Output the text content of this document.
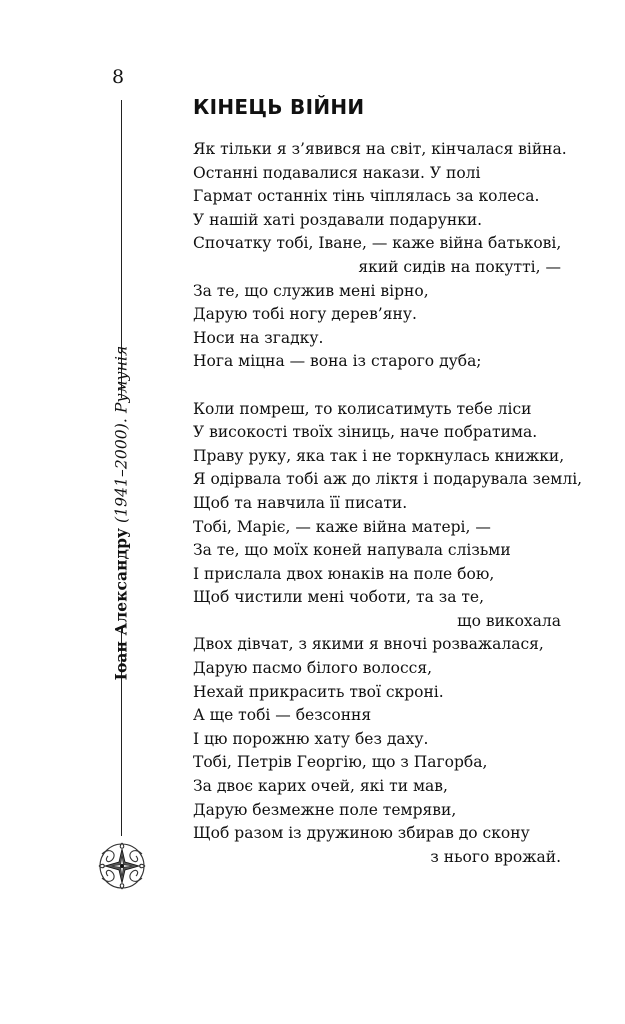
8
Іоан Александру (1941–2000). Румунія
КІНЕЦЬ ВІЙНИ
Як тільки я з’явився на світ, кінчалася війна.
Останні подавалися накази. У полі
Гармат останніх тінь чіплялась за колеса.
У нашій хаті роздавали подарунки.
Спочатку тобі, Іване, — каже війна батькові,
який сидів на покутті, —
За те, що служив мені вірно,
Дарую тобі ногу дерев’яну.
Носи на згадку.
Нога міцна — вона із старого дуба;
Коли помреш, то колисатимуть тебе ліси
У високості твоїх зіниць, наче побратима.
Праву руку, яка так і не торкнулась книжки,
Я одірвала тобі аж до ліктя і подарувала землі,
Щоб та навчила її писати.
Тобі, Маріє, — каже війна матері, —
За те, що моїх коней напувала слізьми
І прислала двох юнаків на поле бою,
Щоб чистили мені чоботи, та за те,
що викохала
Двох дівчат, з якими я вночі розважалася,
Дарую пасмо білого волосся,
Нехай прикрасить твої скроні.
А ще тобі — безсоння
І цю порожню хату без даху.
Тобі, Петрів Георгію, що з Пагорба,
За двоє карих очей, які ти мав,
Дарую безмежне поле темряви,
Щоб разом із дружиною збирав до скону
з нього врожай.
